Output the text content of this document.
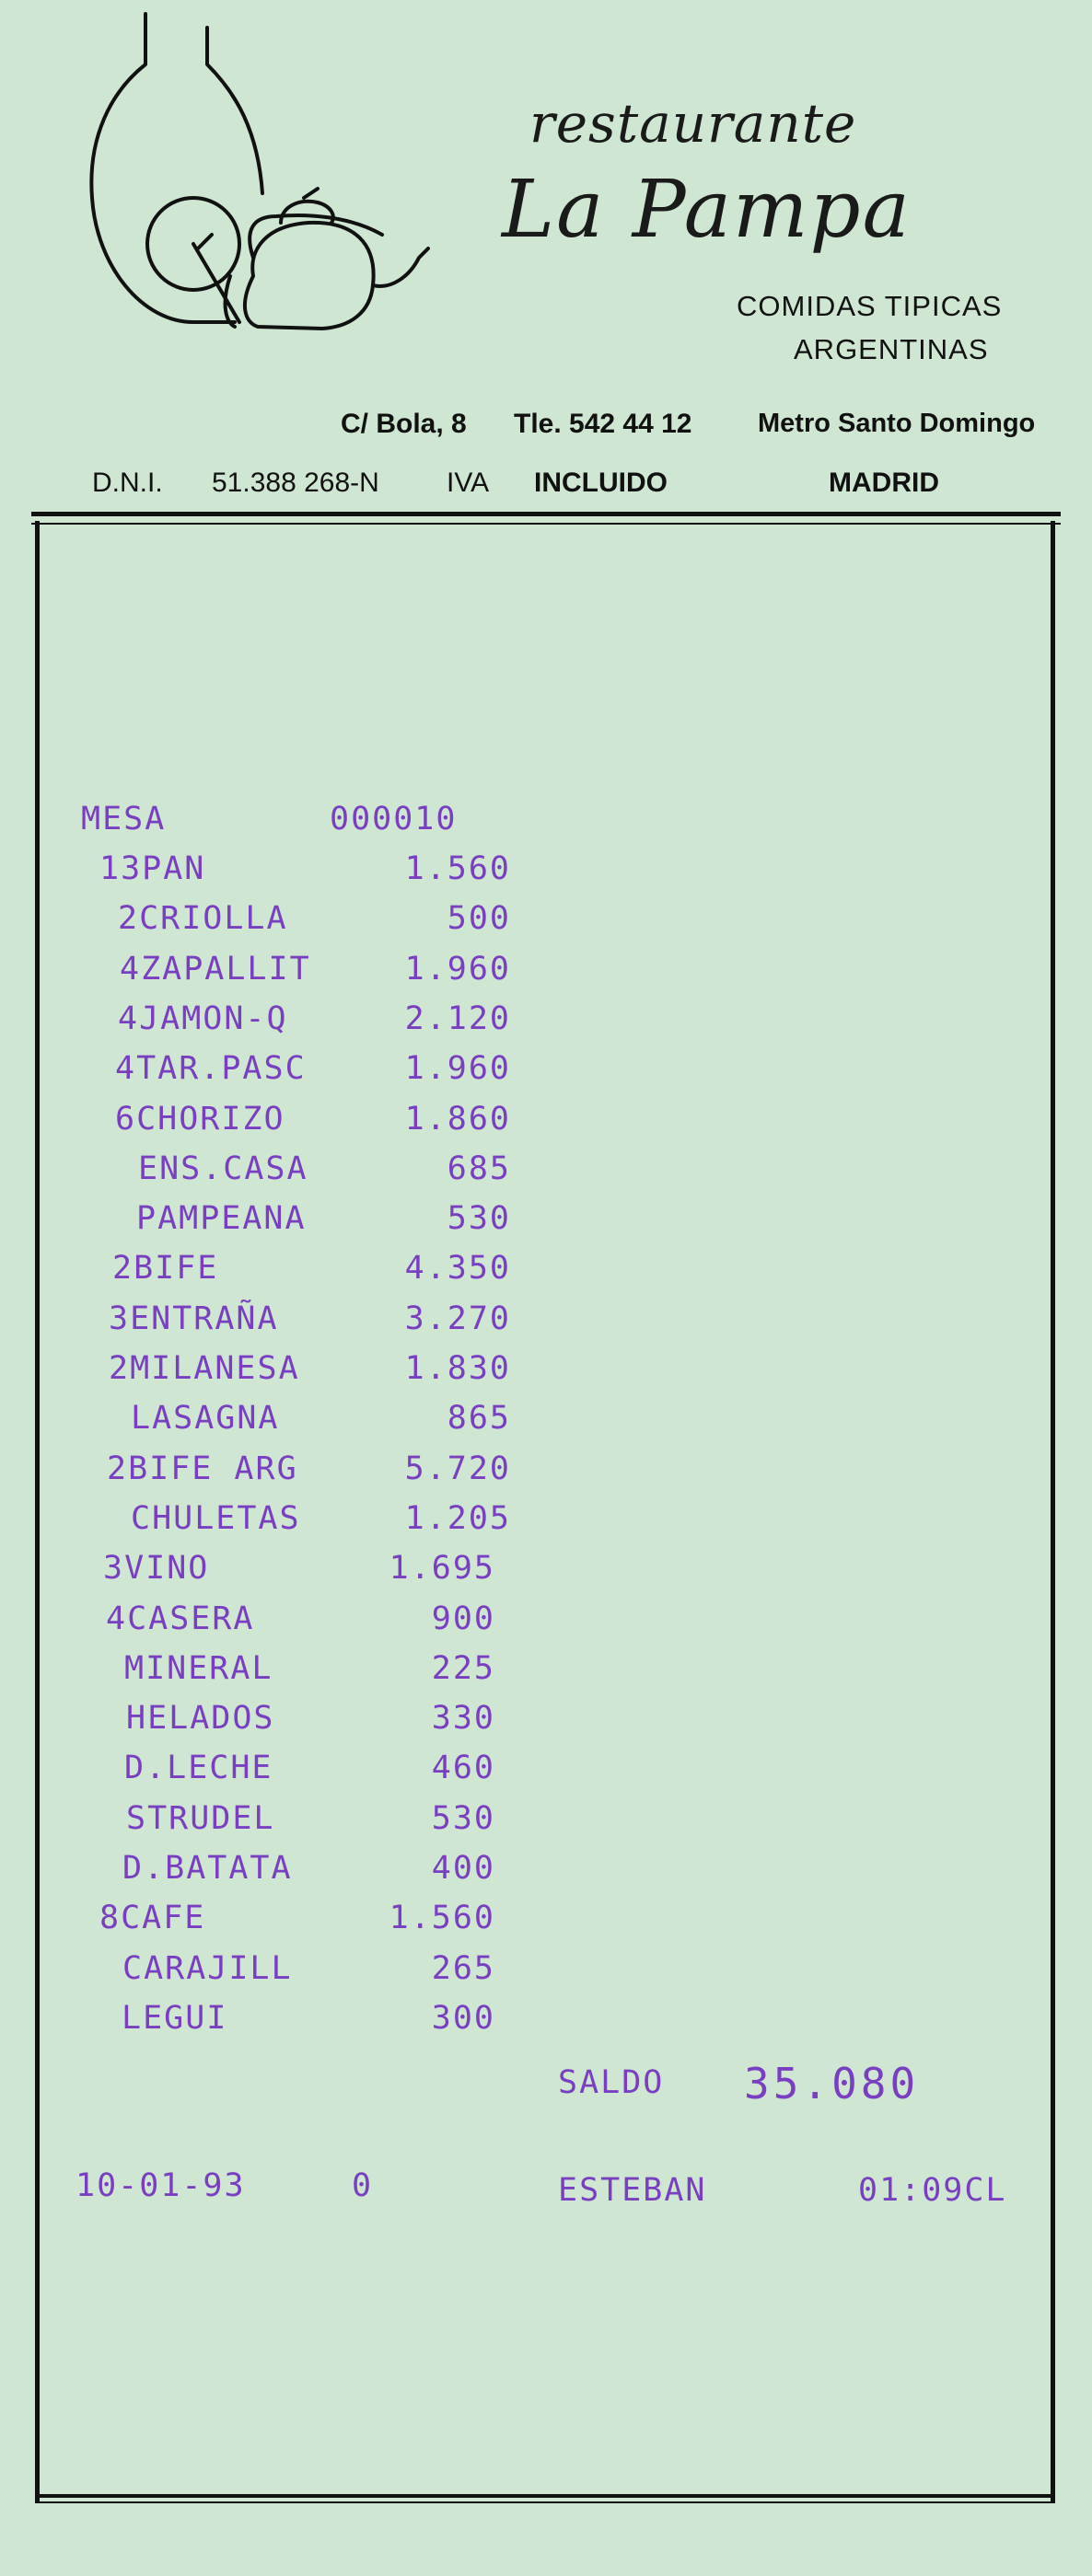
restaurante
La Pampa
COMIDAS TIPICAS
ARGENTINAS
C/ Bola, 8 Tle. 542 44 12 Metro Santo Domingo
D.N.I. 51.388 268-N IVA INCLUIDO	MADRID
MESA	000010
13PAN	1.560
2CRIOLLA	500
4ZAPALLIT	1.960
4JAMON-Q	2.120
4TAR.PASC	1.960
6CHORIZO	1.860
ENS.CASA	685
PAMPEANA	530
2BIFE	4.350
3ENTRAÑA	3.270
2MILANESA	1.830
LASAGNA	865
2BIFE ARG	5.720
CHULETAS	1.205
3VINO	1.695
4CASERA	900
MINERAL	225
HELADOS	330
D.LECHE	460
STRUDEL	530
D.BATATA	400
8CAFE	1.560
CARAJILL	265
LEGUI	300
SALDO 35.080
10-01-93	0	ESTEBAN	01:09CL
